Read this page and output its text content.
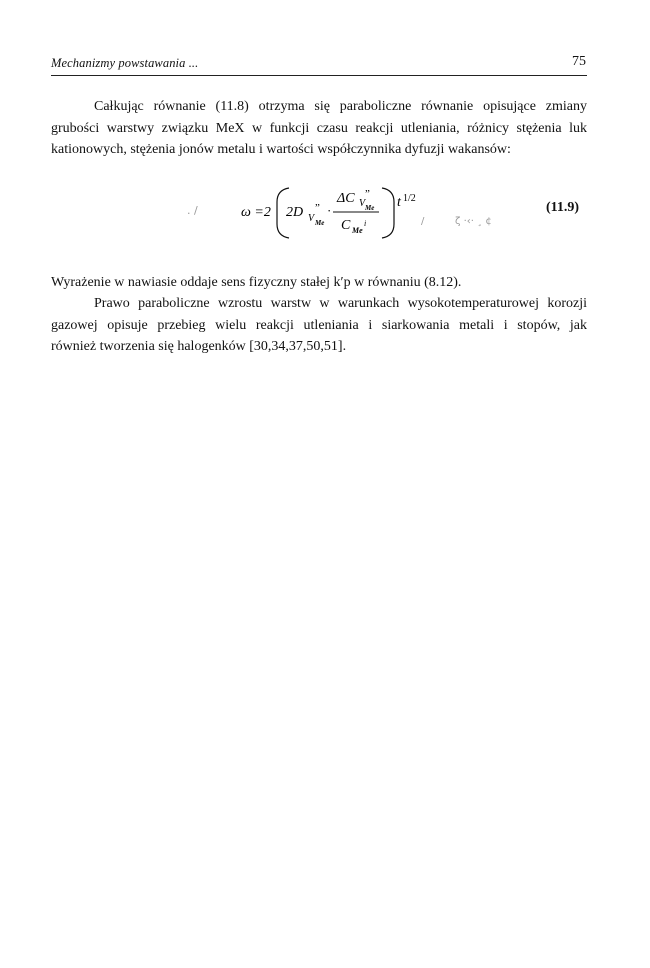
Mechanizmy powstawania ...	75
Całkując równanie (11.8) otrzyma się paraboliczne równanie opisujące zmiany
grubości warstwy związku MeX w funkcji czasu reakcji utleniania, różnicy stężenia luk
kationowych, stężenia jonów metalu i wartości współczynnika dyfuzji wakansów:
. /
/	ζ ·‹· ¸ ¢
ω =2 2D V Me
” ·
ΔC V Me
”
C Me
i
t 1/2
(11.9)
Wyrażenie w nawiasie oddaje sens fizyczny stałej k′p w równaniu (8.12).
Prawo paraboliczne wzrostu warstw w warunkach wysokotemperaturowej korozji
gazowej opisuje przebieg wielu reakcji utleniania i siarkowania metali i stopów, jak
również tworzenia się halogenków [30,34,37,50,51].
